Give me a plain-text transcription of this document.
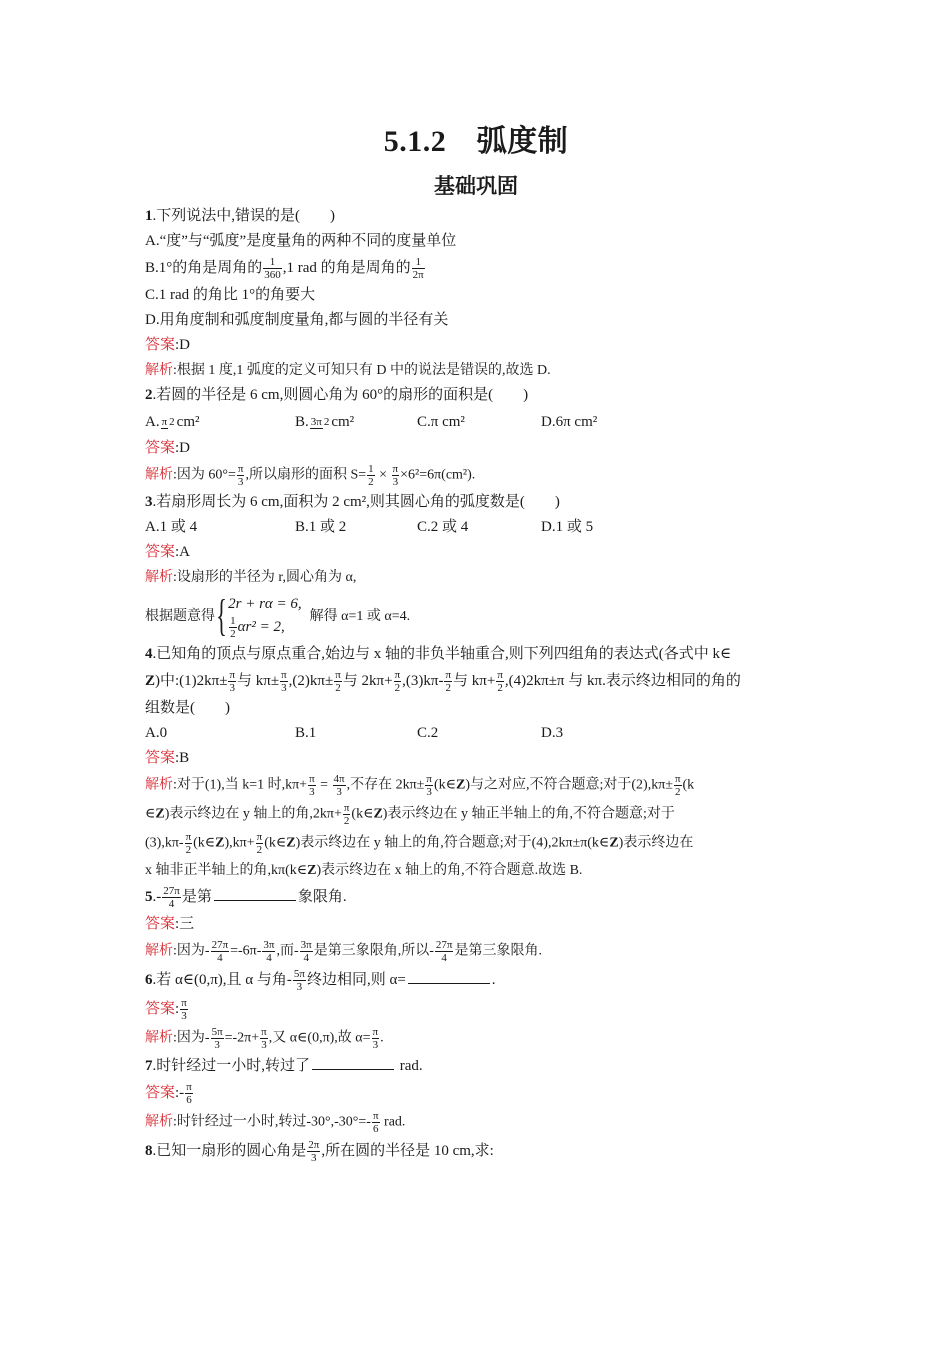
5.1.2　弧度制
基础巩固
1.下列说法中,错误的是(　　)
A.“度”与“弧度”是度量角的两种不同的度量单位
B.1°的角是周角的 $\frac{1}{360} ,1$ rad 的角是周角的 $\frac{1}{2\pi}$
C.1 rad 的角比 1°的角要大
D.用角度制和弧度制度量角,都与圆的半径有关
答案:D
解析:根据 1 度,1 弧度的定义可知只有 D 中的说法是错误的,故选 D.
2.若圆的半径是 6 cm,则圆心角为 60°的扇形的面积是(　　)
A. π 2cm²	B. 3π 2cm²	C.π cm²	D.6π cm²
答案:D
解析:因为 $60^\circ= \frac{\pi}{3}$ ,所以扇形的面积 $S= \frac{1}{2} \times \frac{\pi}{3} \times 6^2=6\pi(cm^2)$.
3.若扇形周长为 6 cm,面积为 2 cm²,则其圆心角的弧度数是(　　)
A.1 或 4	B.1 或 2	C.2 或 4	D.1 或 5
答案:A
解析:设扇形的半径为 r,圆心角为 α,
根据题意得 { 2r + rα = 6,
$\frac{1}{2} \alpha r^2 = 2$,
解得 α=1 或 α=4.
4.已知角的顶点与原点重合,始边与 x 轴的非负半轴重合,则下列四组角的表达式(各式中 k∈
Z)中:(1)2kπ± $\frac{\pi}{3}$ 与 $k\pi\pm \frac{\pi}{3} ,(2)k\pi\pm \frac{\pi}{2}$ 与 $2k\pi+ \frac{\pi}{2} ,(3)k\pi- \frac{\pi}{2}$ 与 $k\pi+ \frac{\pi}{2} ,(4)2k\pi\pm\pi$ 与 kπ.表示终边相同的角的
组数是(　　)
A.0	B.1	C.2	D.3
答案:B
解析:对于(1),当 k=1 时$,k\pi+ \frac{\pi}{3} = \frac{4\pi}{3}$ ,不存在 $2k\pi\pm \frac{\pi}{3}$ (k∈Z)与之对应,不符合题意;对于$(2),k\pi\pm \frac{\pi}{2} (k$
∈Z)表示终边在 y 轴上的角$,2k\pi+ \frac{\pi}{2}$ (k∈Z)表示终边在 y 轴正半轴上的角,不符合题意;对于
$(3),k\pi- \frac{\pi}{2}$ (k∈Z),kπ+ $\frac{\pi}{2}$ (k∈Z)表示终边在 y 轴上的角,符合题意;对于(4),2kπ±π(k∈Z)表示终边在
x 轴非正半轴上的角,kπ(k∈Z)表示终边在 x 轴上的角,不符合题意.故选 B.
$5.- \frac{27\pi}{4}$ 是第	象限角.
答案:三
解析:因为- $\frac{27\pi}{4} =-6\pi- \frac{3\pi}{4}$ ,而- $\frac{3\pi}{4}$ 是第三象限角,所以- $\frac{27\pi}{4}$ 是第三象限角.
6.若 α∈(0,π),且 α 与角- $\frac{5\pi}{3}$ 终边相同,则 α=	.
答案: $\frac{\pi}{3}$
解析:因为- $\frac{5\pi}{3} =-2\pi+ \frac{\pi}{3}$ ,又 α∈(0,π),故 $\alpha= \frac{\pi}{3}$ .
7.时针经过一小时,转过了	rad.
答案:- $\frac{\pi}{6}$
解析:时针经过一小时,转过$-30^\circ,-30^\circ=- \frac{\pi}{6}$ rad.
8.已知一扇形的圆心角是 $\frac{2\pi}{3}$ ,所在圆的半径是 10 cm,求:
